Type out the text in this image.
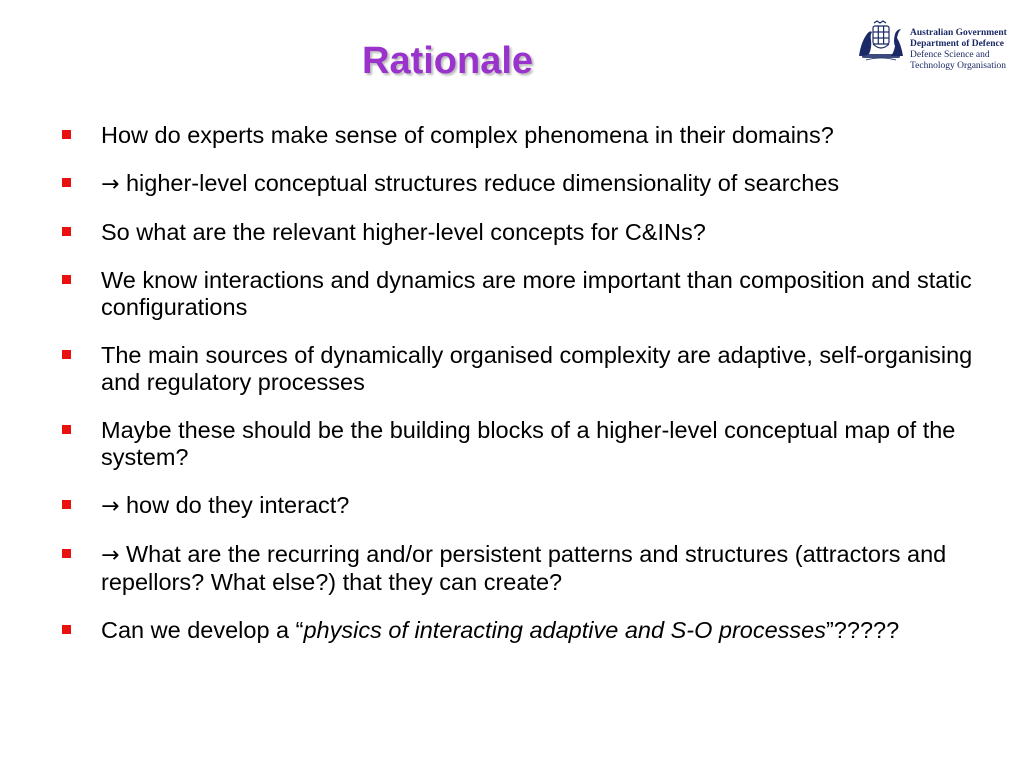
Rationale
Australian Government
Department of Defence
Defence Science and
Technology Organisation
How do experts make sense of complex phenomena in their domains?
→ higher-level conceptual structures reduce dimensionality of searches
So what are the relevant higher-level concepts for C&INs?
We know interactions and dynamics are more important than composition and static configurations
The main sources of dynamically organised complexity are adaptive, self-organising and regulatory processes
Maybe these should be the building blocks of a higher-level conceptual map of the system?
→ how do they interact?
→ What are the recurring and/or persistent patterns and structures (attractors and repellors? What else?) that they can create?
Can we develop a “physics of interacting adaptive and S-O processes”?????
